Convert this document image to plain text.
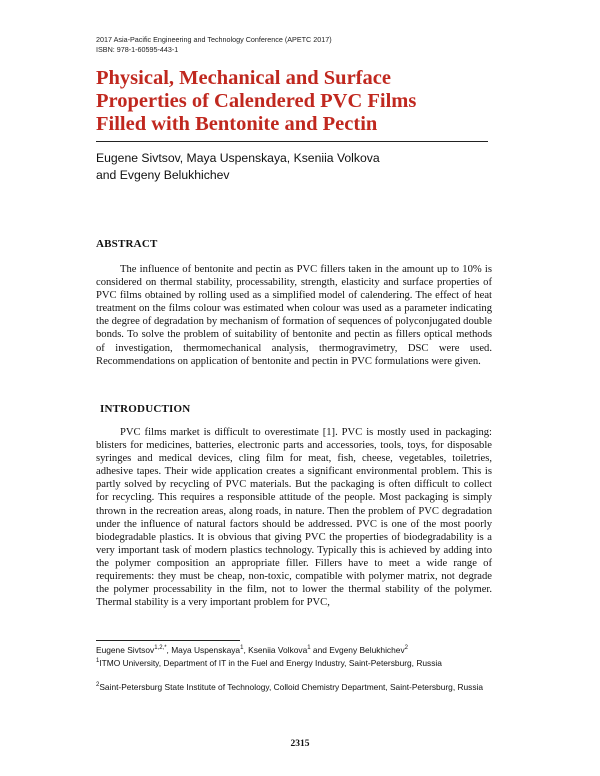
2017 Asia-Pacific Engineering and Technology Conference (APETC 2017)
ISBN: 978-1-60595-443-1
Physical, Mechanical and Surface
Properties of Calendered PVC Films
Filled with Bentonite and Pectin
Eugene Sivtsov, Maya Uspenskaya, Kseniia Volkova
and Evgeny Belukhichev
ABSTRACT
The influence of bentonite and pectin as PVC fillers taken in the amount up to 10% is considered on thermal stability, processability, strength, elasticity and surface properties of PVC films obtained by rolling used as a simplified model of calendering. The effect of heat treatment on the films colour was estimated when colour was used as a parameter indicating the degree of degradation by mechanism of formation of sequences of polyconjugated double bonds. To solve the problem of suitability of bentonite and pectin as fillers optical methods of investigation, thermomechanical analysis, thermogravimetry, DSC were used. Recommendations on application of bentonite and pectin in PVC formulations were given.
INTRODUCTION
PVC films market is difficult to overestimate [1]. PVC is mostly used in packaging: blisters for medicines, batteries, electronic parts and accessories, tools, toys, for disposable syringes and medical devices, cling film for meat, fish, cheese, vegetables, toiletries, adhesive tapes. Their wide application creates a significant environmental problem. This is partly solved by recycling of PVC materials. But the packaging is often difficult to collect for recycling. This requires a responsible attitude of the people. Most packaging is simply thrown in the recreation areas, along roads, in nature. Then the problem of PVC degradation under the influence of natural factors should be addressed. PVC is one of the most poorly biodegradable plastics. It is obvious that giving PVC the properties of biodegradability is a very important task of modern plastics technology. Typically this is achieved by adding into the polymer composition an appropriate filler. Fillers have to meet a wide range of requirements: they must be cheap, non-toxic, compatible with polymer matrix, not degrade the polymer processability in the film, not to lower the thermal stability of the polymer. Thermal stability is a very important problem for PVC,
Eugene Sivtsov$^{1,2,*}$, Maya Uspenskaya$^1$, Kseniia Volkova$^1$ and Evgeny Belukhichev$^2$
$^1$ITMO University, Department of IT in the Fuel and Energy Industry, Saint-Petersburg, Russia
$^2$Saint-Petersburg State Institute of Technology, Colloid Chemistry Department, Saint-Petersburg, Russia
2315
